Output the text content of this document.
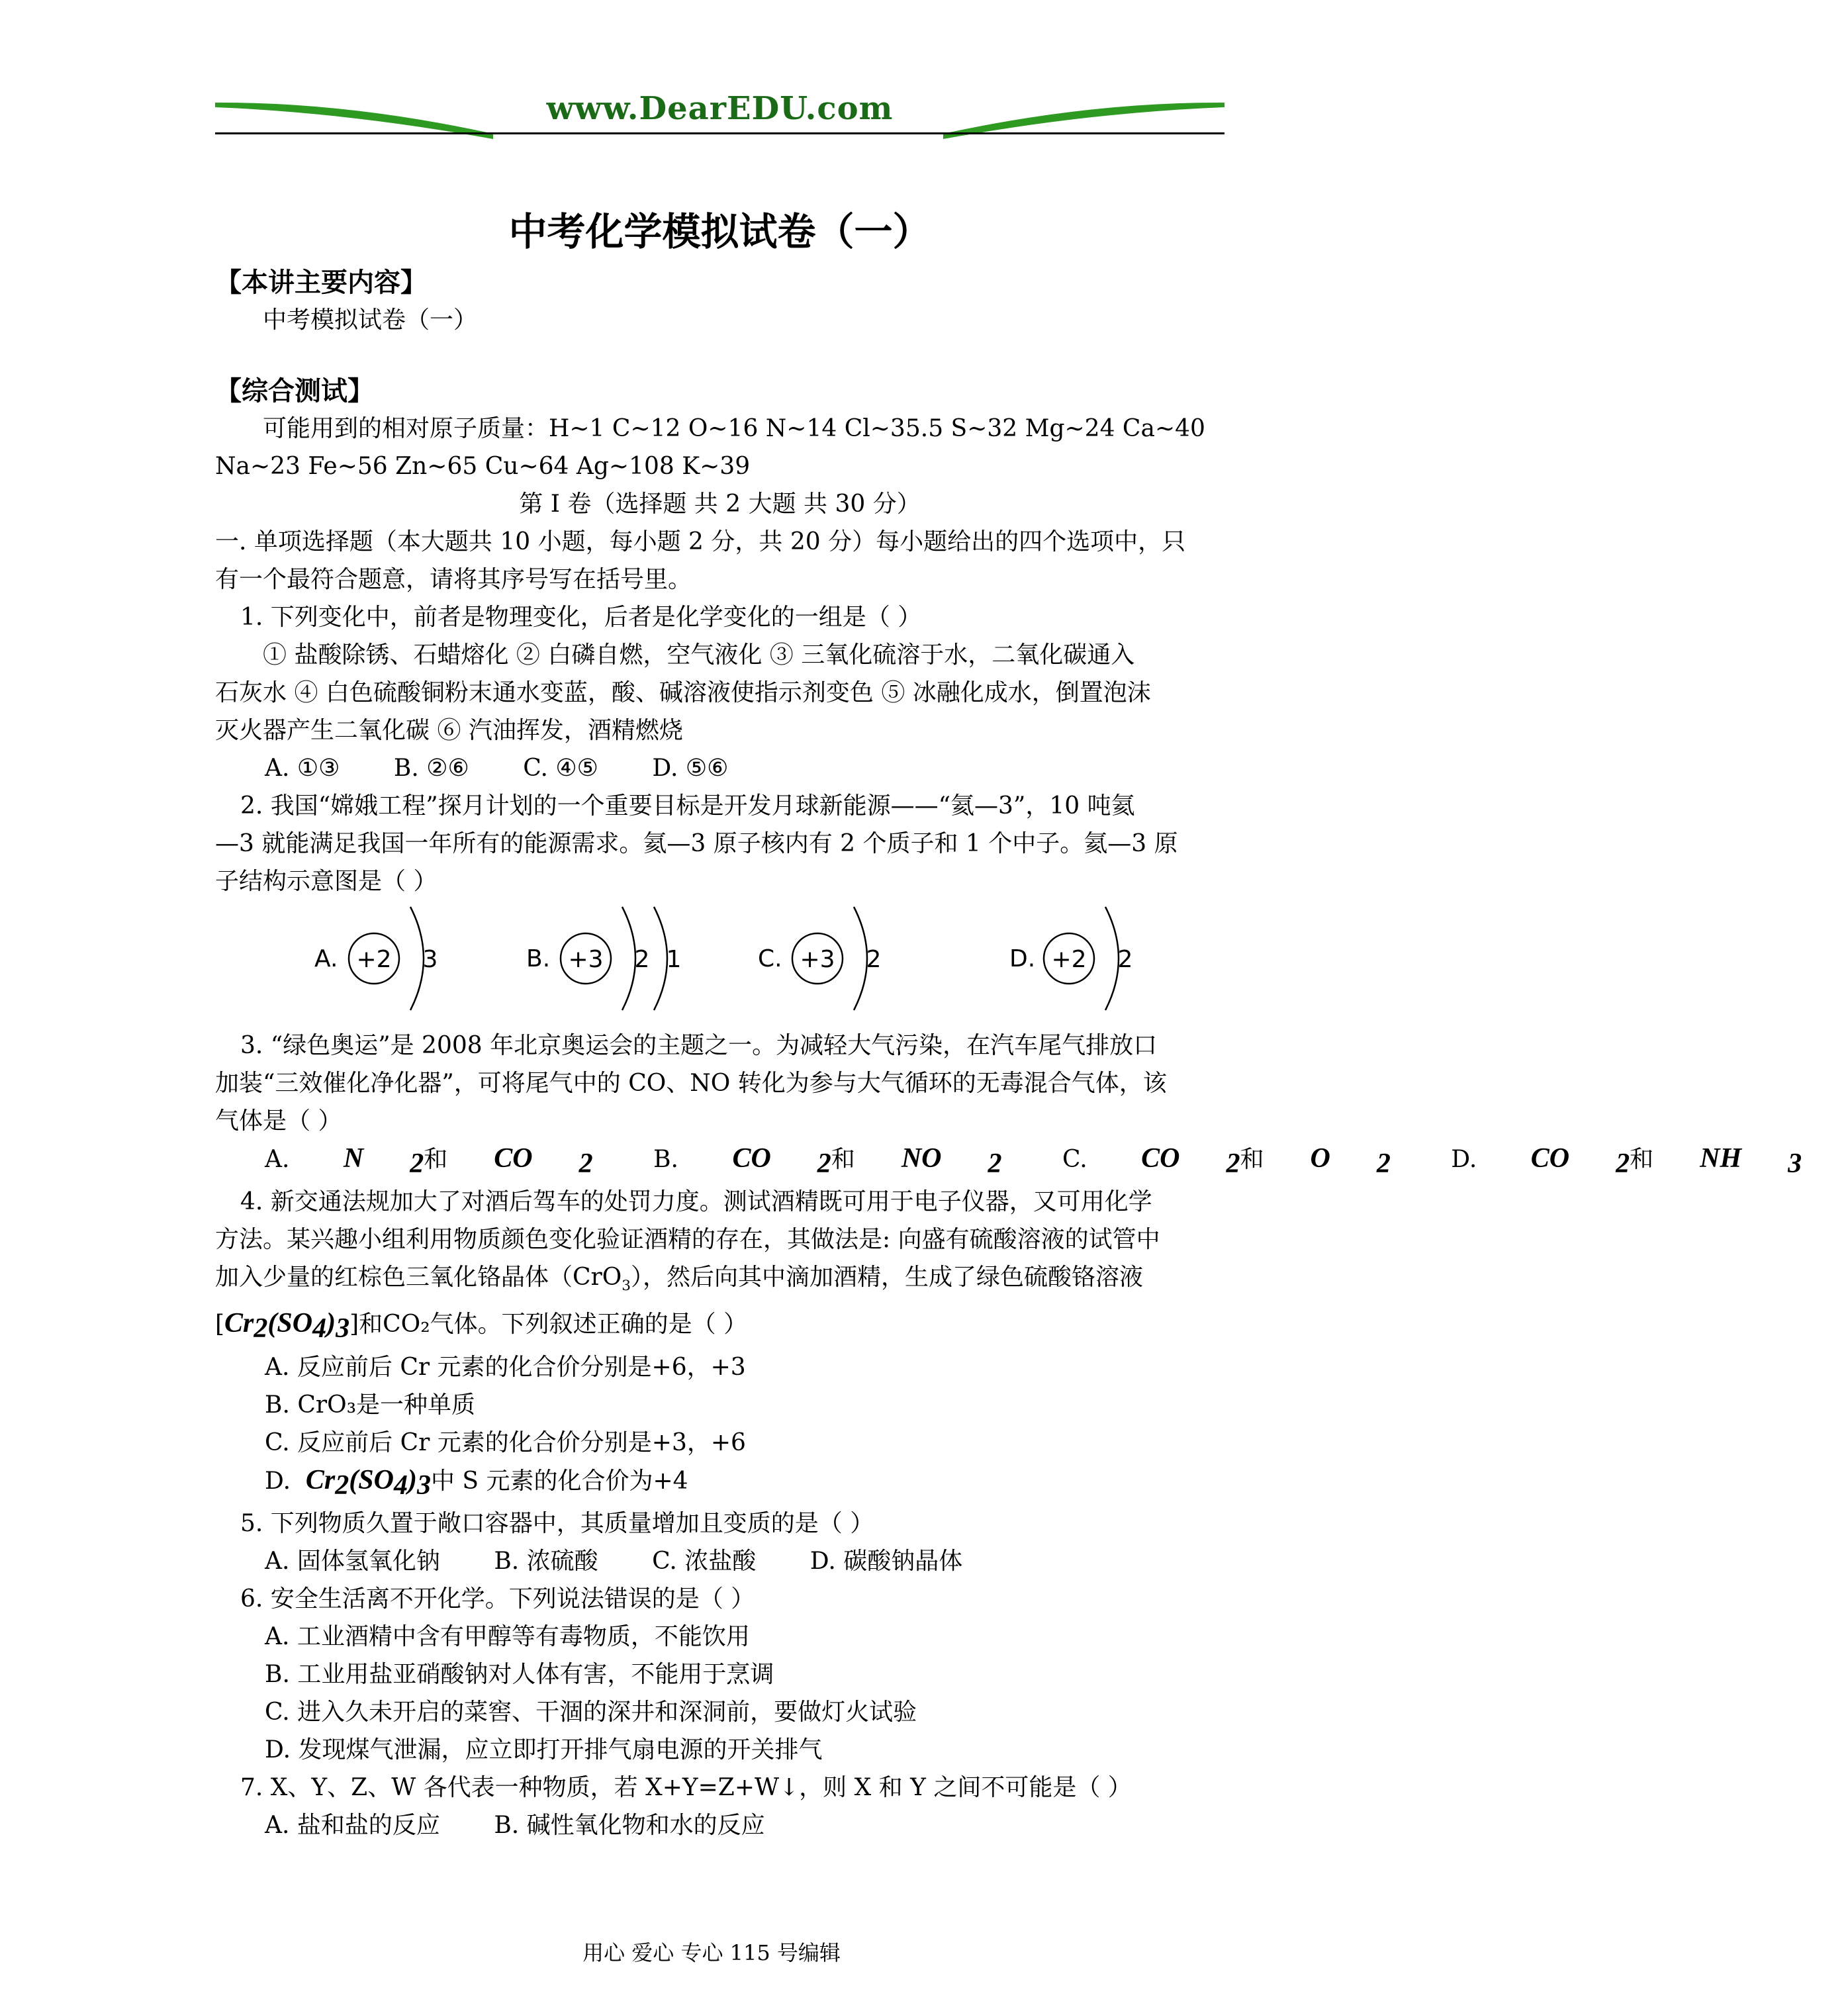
www.DearEDU.com
中考化学模拟试卷（一）
【本讲主要内容】
中考模拟试卷（一）
【综合测试】
可能用到的相对原子质量：H~1 C~12 O~16 N~14 Cl~35.5 S~32 Mg~24 Ca~40
Na~23 Fe~56 Zn~65 Cu~64 Ag~108 K~39
第 I 卷（选择题 共 2 大题 共 30 分）
一. 单项选择题（本大题共 10 小题，每小题 2 分，共 20 分）每小题给出的四个选项中，只
有一个最符合题意，请将其序号写在括号里。
1. 下列变化中，前者是物理变化，后者是化学变化的一组是（ ）
① 盐酸除锈、石蜡熔化 ② 白磷自燃，空气液化 ③ 三氧化硫溶于水，二氧化碳通入
石灰水 ④ 白色硫酸铜粉末通水变蓝，酸、碱溶液使指示剂变色 ⑤ 冰融化成水，倒置泡沫
灭火器产生二氧化碳 ⑥ 汽油挥发，酒精燃烧
A. ①③ B. ②⑥ C. ④⑤ D. ⑤⑥
2. 我国“嫦娥工程”探月计划的一个重要目标是开发月球新能源——“氦—3”，10 吨氦
—3 就能满足我国一年所有的能源需求。氦—3 原子核内有 2 个质子和 1 个中子。氦—3 原
子结构示意图是（ ）
A. +2 3	B. +3 2 1	C. +3 2	D. +2 2
3. “绿色奥运”是 2008 年北京奥运会的主题之一。为减轻大气污染，在汽车尾气排放口
加装“三效催化净化器”，可将尾气中的 CO、NO 转化为参与大气循环的无毒混合气体，该
气体是（ ）
A. N $_2$和 CO $_2$	B. CO $_2$和 NO $_2$	C. CO $_2$和 O $_2$	D. CO $_2$和 NH $_3$
4. 新交通法规加大了对酒后驾车的处罚力度。测试酒精既可用于电子仪器，又可用化学
方法。某兴趣小组利用物质颜色变化验证酒精的存在，其做法是: 向盛有硫酸溶液的试管中
加入少量的红棕色三氧化铬晶体（CrO$_3$），然后向其中滴加酒精，生成了绿色硫酸铬溶液
$[Cr_2(SO_4)_3]$和CO₂气体。下列叙述正确的是（ ）
A. 反应前后 Cr 元素的化合价分别是+6，+3
B. CrO₃是一种单质
C. 反应前后 Cr 元素的化合价分别是+3，+6
D.  $Cr_2(SO_4)_3$中 S 元素的化合价为+4
5. 下列物质久置于敞口容器中，其质量增加且变质的是（ ）
A. 固体氢氧化钠 B. 浓硫酸 C. 浓盐酸 D. 碳酸钠晶体
6. 安全生活离不开化学。下列说法错误的是（ ）
A. 工业酒精中含有甲醇等有毒物质，不能饮用
B. 工业用盐亚硝酸钠对人体有害，不能用于烹调
C. 进入久未开启的菜窖、干涸的深井和深洞前，要做灯火试验
D. 发现煤气泄漏，应立即打开排气扇电源的开关排气
7. X、Y、Z、W 各代表一种物质，若 X+Y=Z+W↓，则 X 和 Y 之间不可能是（ ）
A. 盐和盐的反应 B. 碱性氧化物和水的反应
用心 爱心 专心 115 号编辑
